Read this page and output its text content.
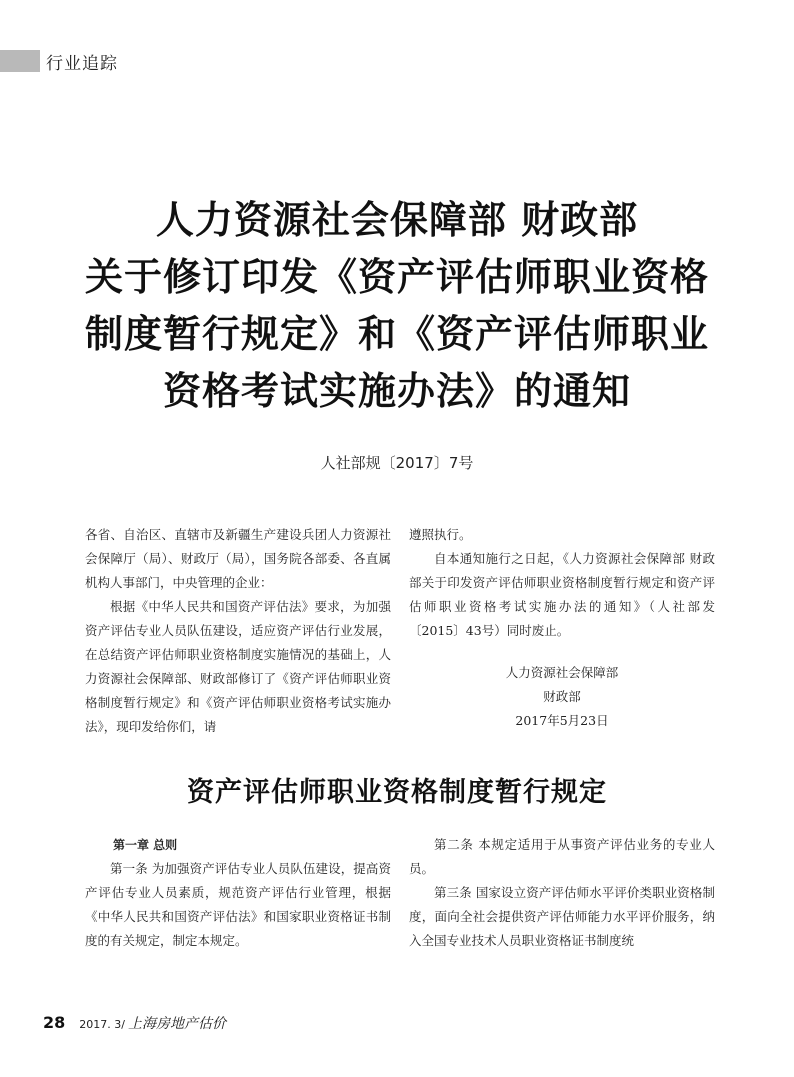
行业追踪
人力资源社会保障部 财政部
关于修订印发《资产评估师职业资格
制度暂行规定》和《资产评估师职业
资格考试实施办法》的通知
人社部规〔2017〕7号

各省、自治区、直辖市及新疆生产建设兵团人力资源社会保障厅（局）、财政厅（局），国务院各部委、各直属机构人事部门，中央管理的企业：

根据《中华人民共和国资产评估法》要求，为加强资产评估专业人员队伍建设，适应资产评估行业发展，在总结资产评估师职业资格制度实施情况的基础上，人力资源社会保障部、财政部修订了《资产评估师职业资格制度暂行规定》和《资产评估师职业资格考试实施办法》，现印发给你们，请

遵照执行。

自本通知施行之日起，《人力资源社会保障部 财政部关于印发资产评估师职业资格制度暂行规定和资产评估师职业资格考试实施办法的通知》（人社部发〔2015〕43号）同时废止。

人力资源社会保障部

财政部

2017年5月23日

资产评估师职业资格制度暂行规定

第一章 总则

第一条 为加强资产评估专业人员队伍建设，提高资产评估专业人员素质，规范资产评估行业管理，根据《中华人民共和国资产评估法》和国家职业资格证书制度的有关规定，制定本规定。

第二条 本规定适用于从事资产评估业务的专业人员。

第三条 国家设立资产评估师水平评价类职业资格制度，面向全社会提供资产评估师能力水平评价服务，纳入全国专业技术人员职业资格证书制度统

28 2017. 3/ 上海房地产估价
